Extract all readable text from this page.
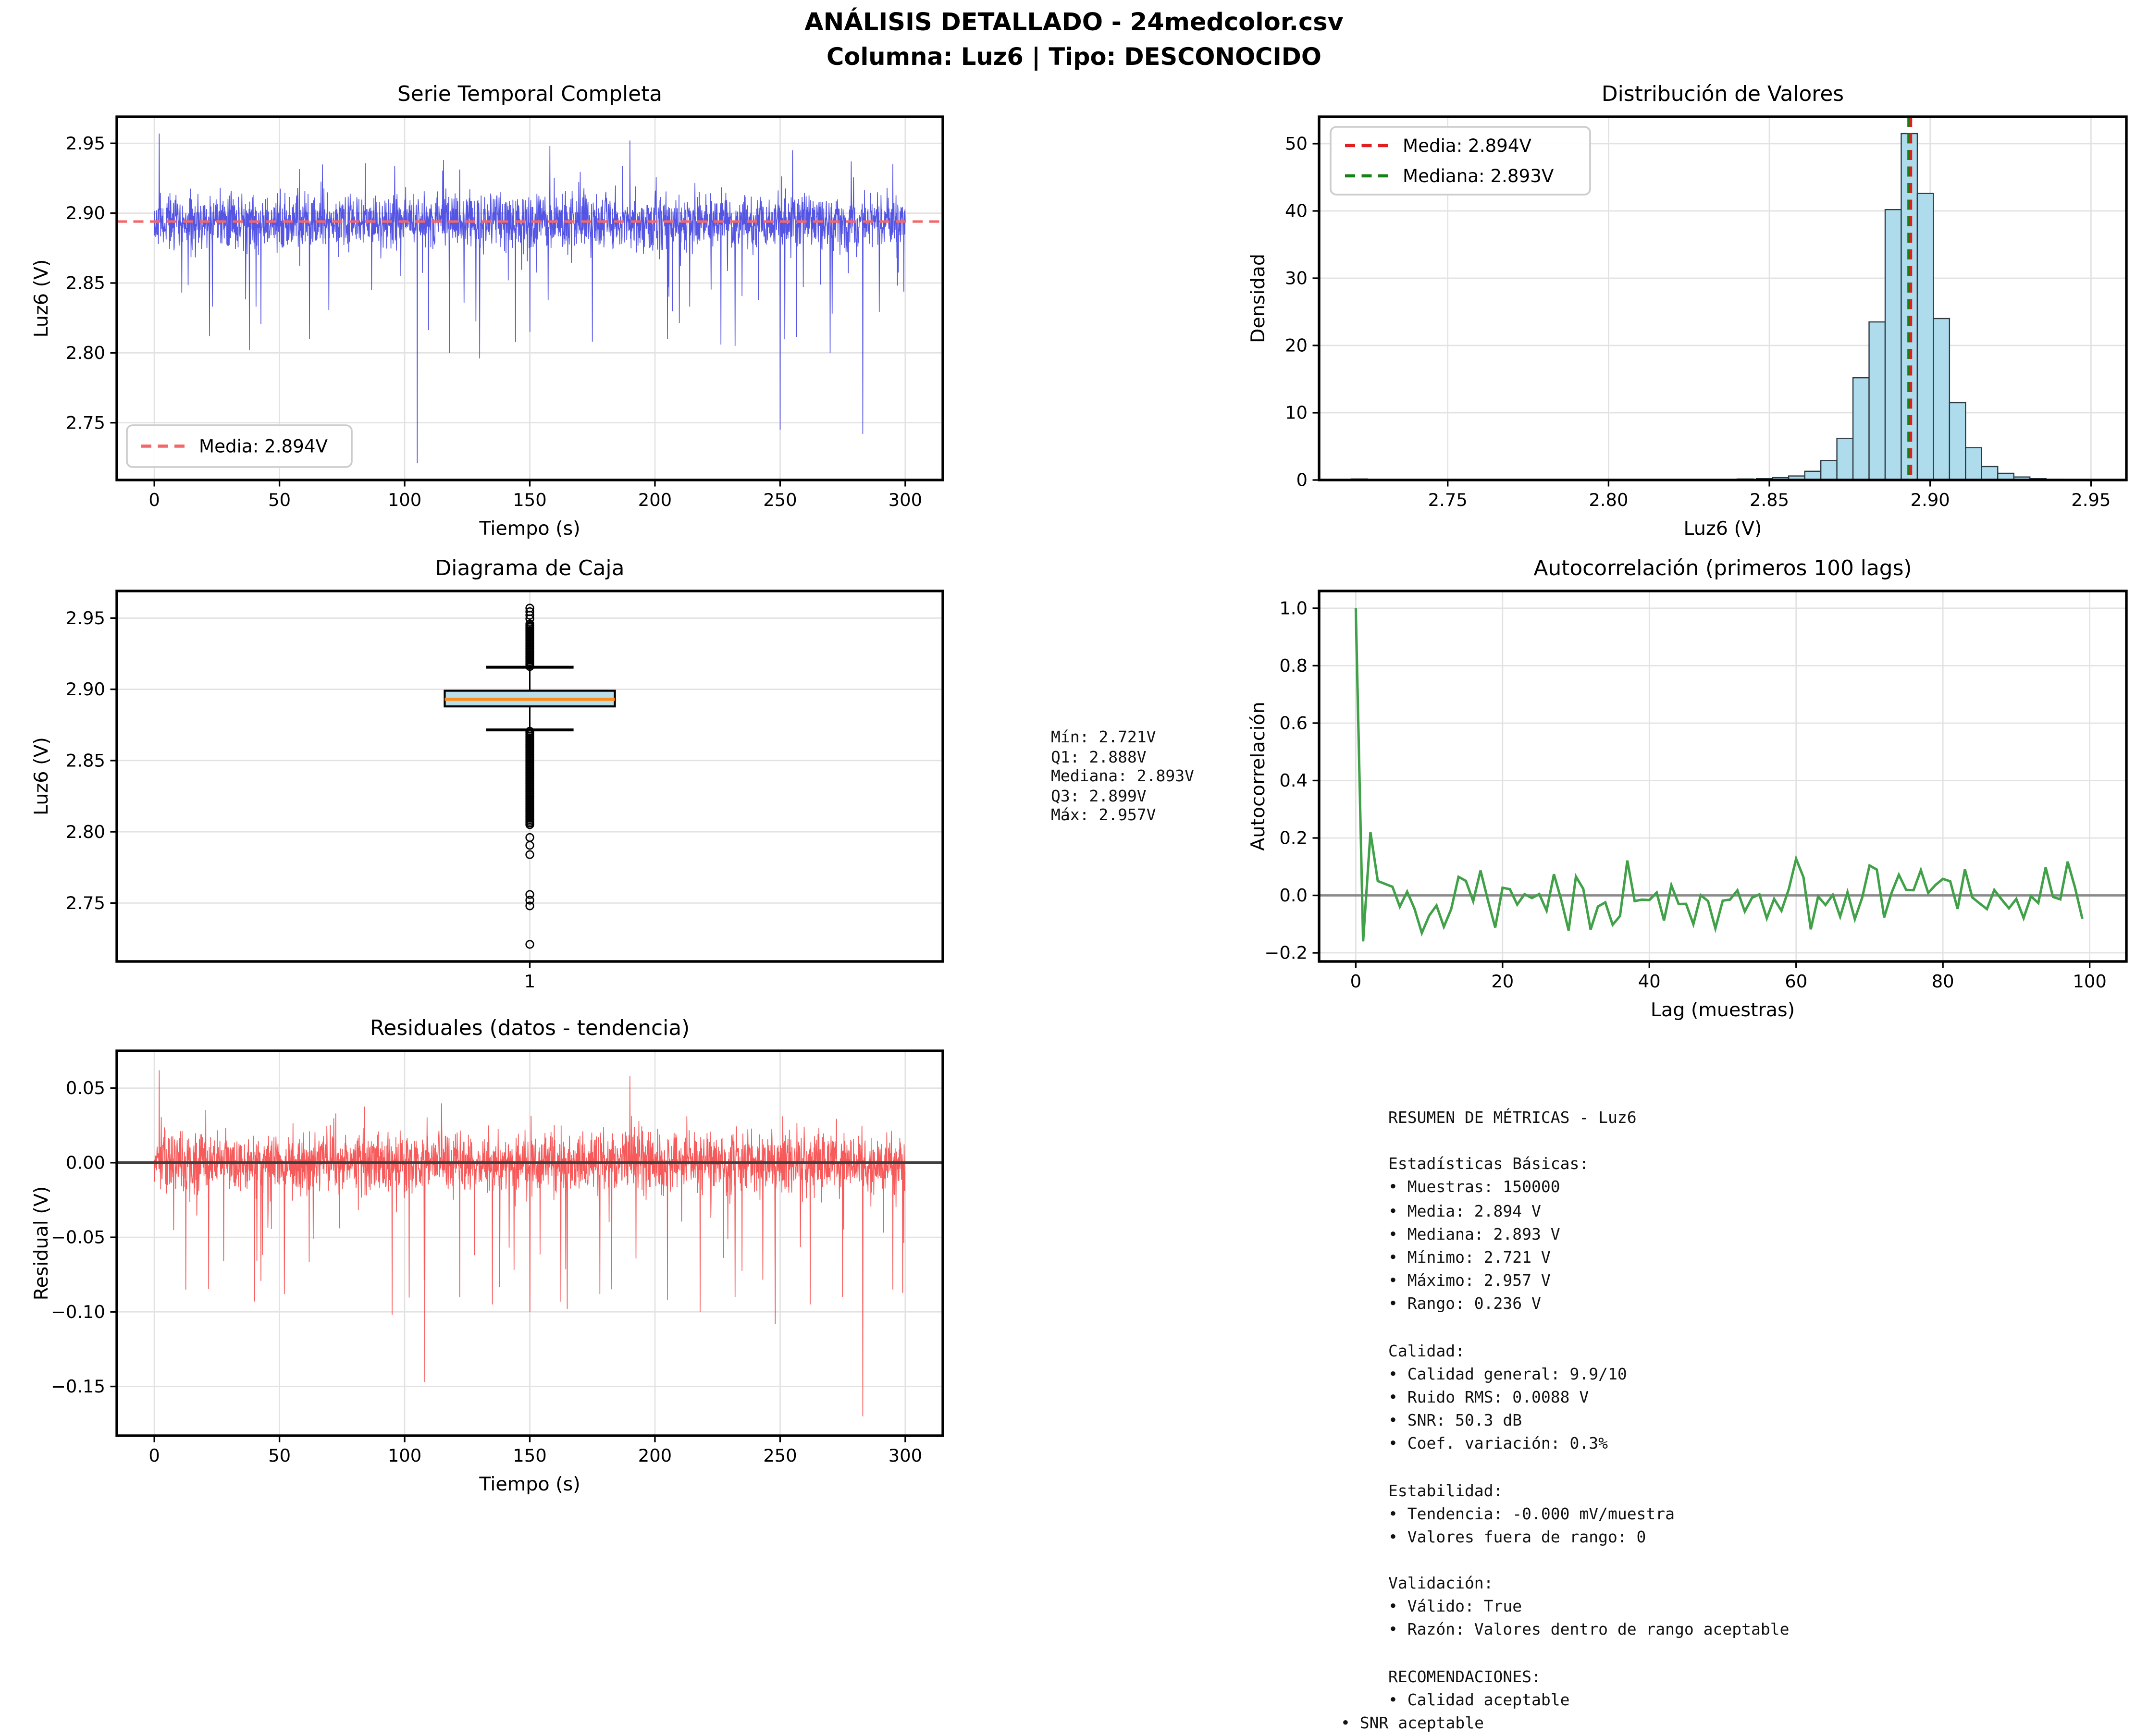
ANÁLISIS DETALLADO - 24medcolor.csv
Columna: Luz6 | Tipo: DESCONOCIDO
0	50	100	150	200	250	300
2.75
2.80
2.85
2.90
2.95
Serie Temporal Completa
Tiempo (s)
Luz6 (V)
Media: 2.894V
2.75	2.80	2.85	2.90	2.95
0
10
20
30
40
50
Distribución de Valores
Luz6 (V)
Densidad
Media: 2.894V
Mediana: 2.893V
1
2.75
2.80
2.85
2.90
2.95
Diagrama de Caja
Luz6 (V)
0	20	40	60	80	100
−0.2
0.0
0.2
0.4
0.6
0.8
1.0
Autocorrelación (primeros 100 lags)
Lag (muestras)
Autocorrelación
0	50	100	150	200	250	300
0.05
0.00
−0.05
−0.10
−0.15
Residuales (datos - tendencia)
Tiempo (s)
Residual (V)
Mín: 2.721V
Q1: 2.888V
Mediana: 2.893V
Q3: 2.899V
Máx: 2.957V
RESUMEN DE MÉTRICAS - Luz6

Estadísticas Básicas:
• Muestras: 150000
• Media: 2.894 V
• Mediana: 2.893 V
• Mínimo: 2.721 V
• Máximo: 2.957 V
• Rango: 0.236 V

Calidad:
• Calidad general: 9.9/10
• Ruido RMS: 0.0088 V
• SNR: 50.3 dB
• Coef. variación: 0.3%

Estabilidad:
• Tendencia: -0.000 mV/muestra
• Valores fuera de rango: 0

Validación:
• Válido: True
• Razón: Valores dentro de rango aceptable

RECOMENDACIONES:
• Calidad aceptable
• SNR aceptable
